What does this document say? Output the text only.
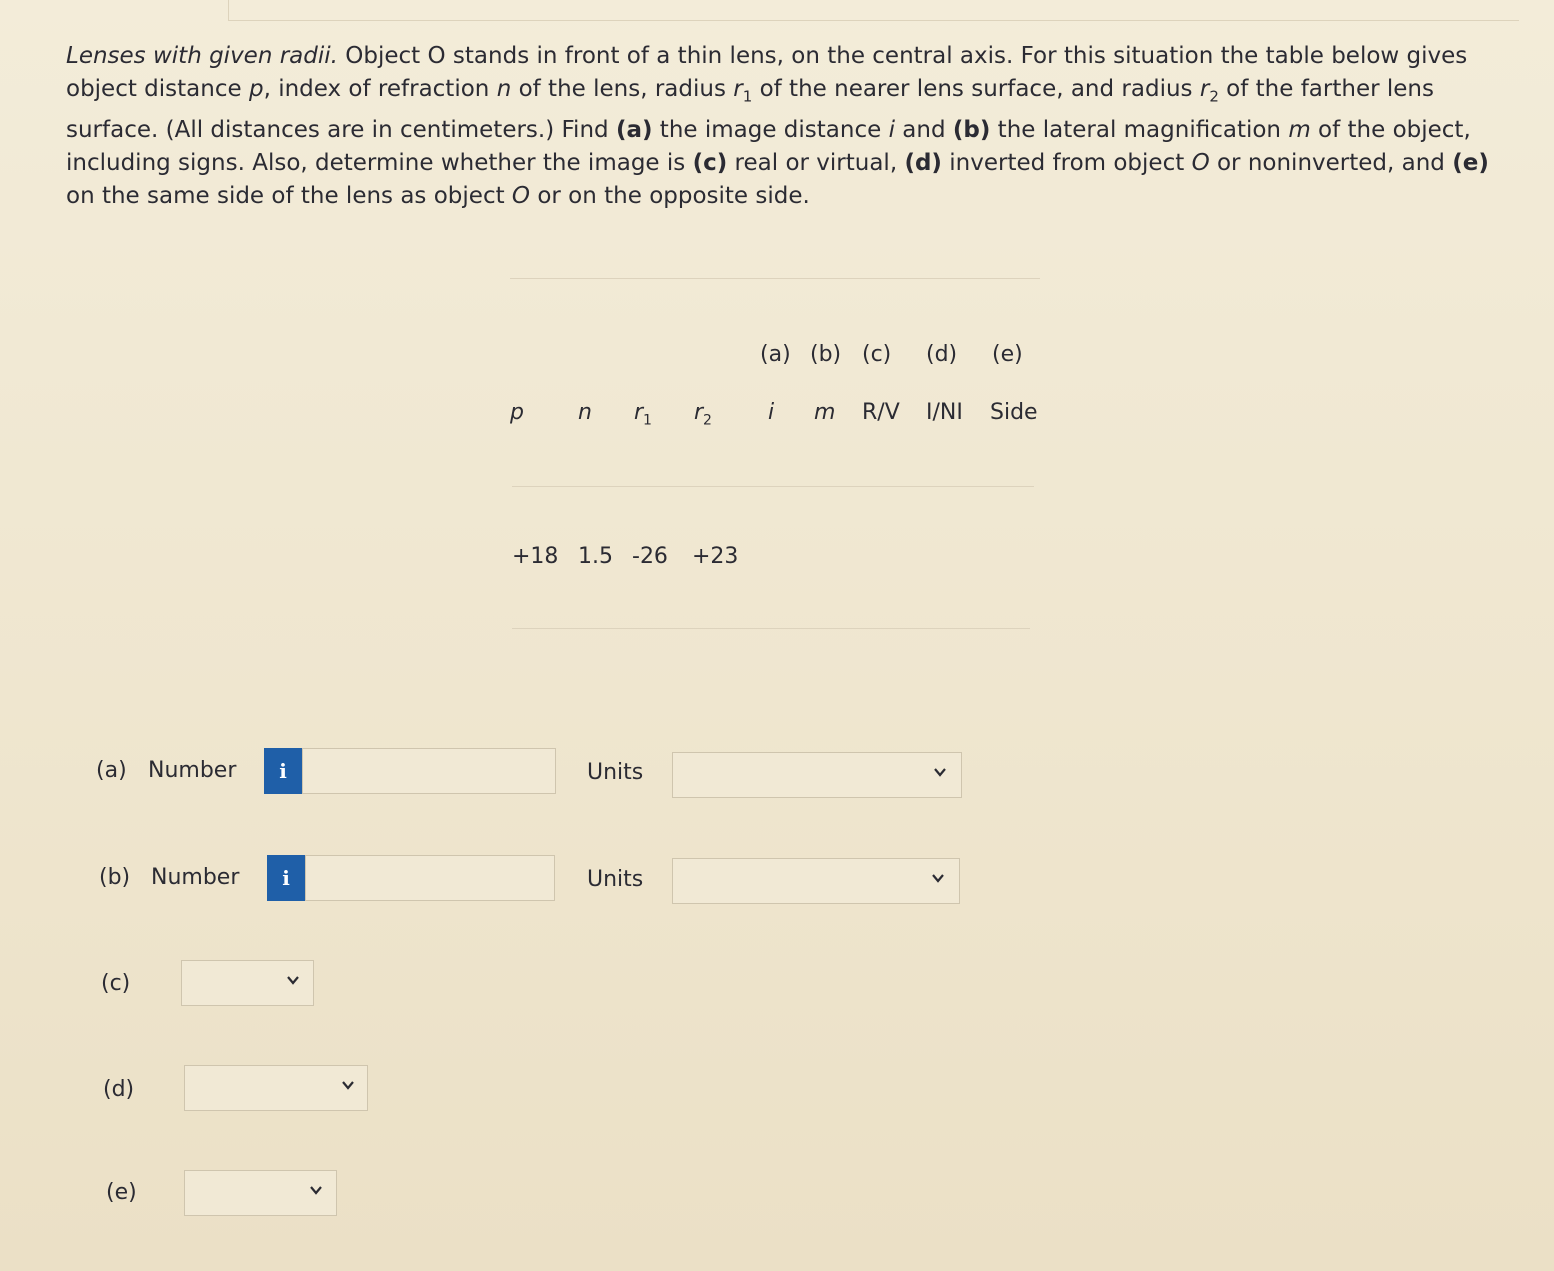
Lenses with given radii. Object O stands in front of a thin lens, on the central axis. For this situation the table below gives object distance p, index of refraction n of the lens, radius $r_1$ of the nearer lens surface, and radius $r_2$ of the farther lens surface. (All distances are in centimeters.) Find (a) the image distance i and (b) the lateral magnification m of the object, including signs. Also, determine whether the image is (c) real or virtual, (d) inverted from object O or noninverted, and (e) on the same side of the lens as object O or on the opposite side.

(a) (b) (c) (d) (e)
p n $r_1$ $r_2$	i m R/V I/NI Side
+18 1.5 -26 +23
(a) Number i	Units
(b) Number i	Units
(c)
(d)
(e)
